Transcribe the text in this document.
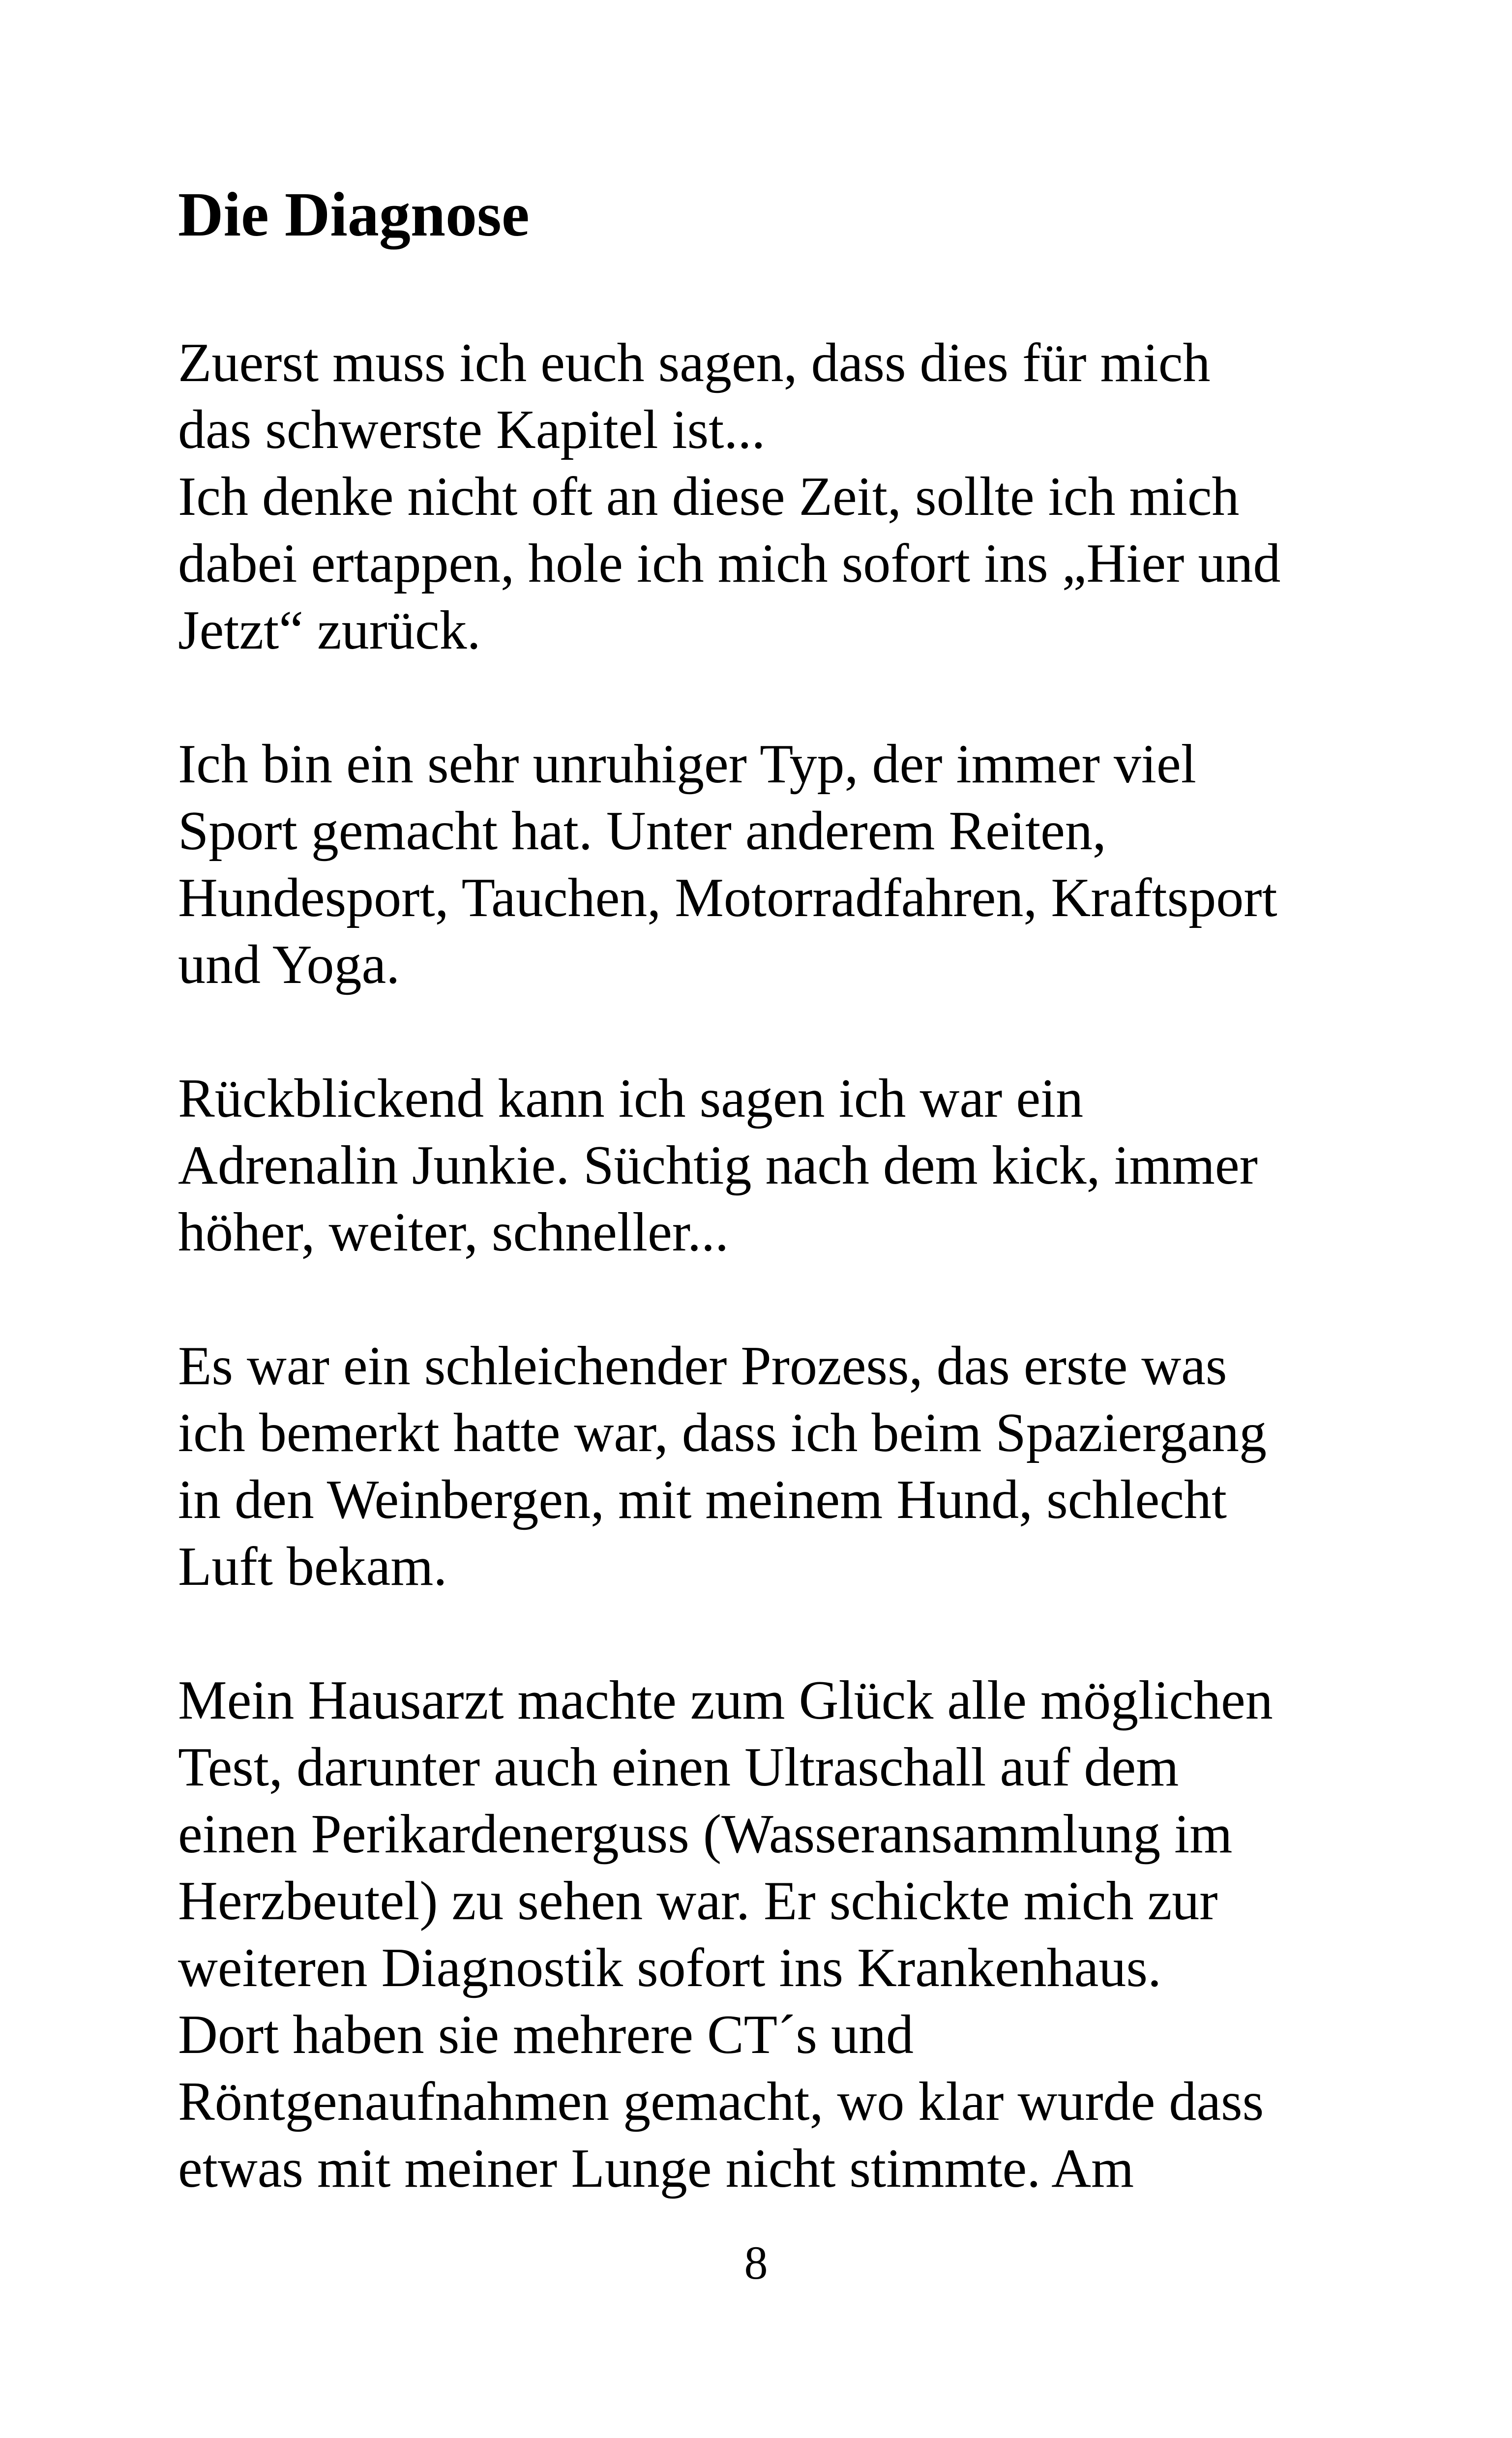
Die Diagnose

Zuerst muss ich euch sagen, dass dies für mich
das schwerste Kapitel ist...
Ich denke nicht oft an diese Zeit, sollte ich mich
dabei ertappen, hole ich mich sofort ins „Hier und
Jetzt“ zurück.

Ich bin ein sehr unruhiger Typ, der immer viel
Sport gemacht hat. Unter anderem Reiten,
Hundesport, Tauchen, Motorradfahren, Kraftsport
und Yoga.

Rückblickend kann ich sagen ich war ein
Adrenalin Junkie. Süchtig nach dem kick, immer
höher, weiter, schneller...

Es war ein schleichender Prozess, das erste was
ich bemerkt hatte war, dass ich beim Spaziergang
in den Weinbergen, mit meinem Hund, schlecht
Luft bekam.

Mein Hausarzt machte zum Glück alle möglichen
Test, darunter auch einen Ultraschall auf dem
einen Perikardenerguss (Wasseransammlung im
Herzbeutel) zu sehen war. Er schickte mich zur
weiteren Diagnostik sofort ins Krankenhaus.
Dort haben sie mehrere CT´s und
Röntgenaufnahmen gemacht, wo klar wurde dass
etwas mit meiner Lunge nicht stimmte. Am

8
